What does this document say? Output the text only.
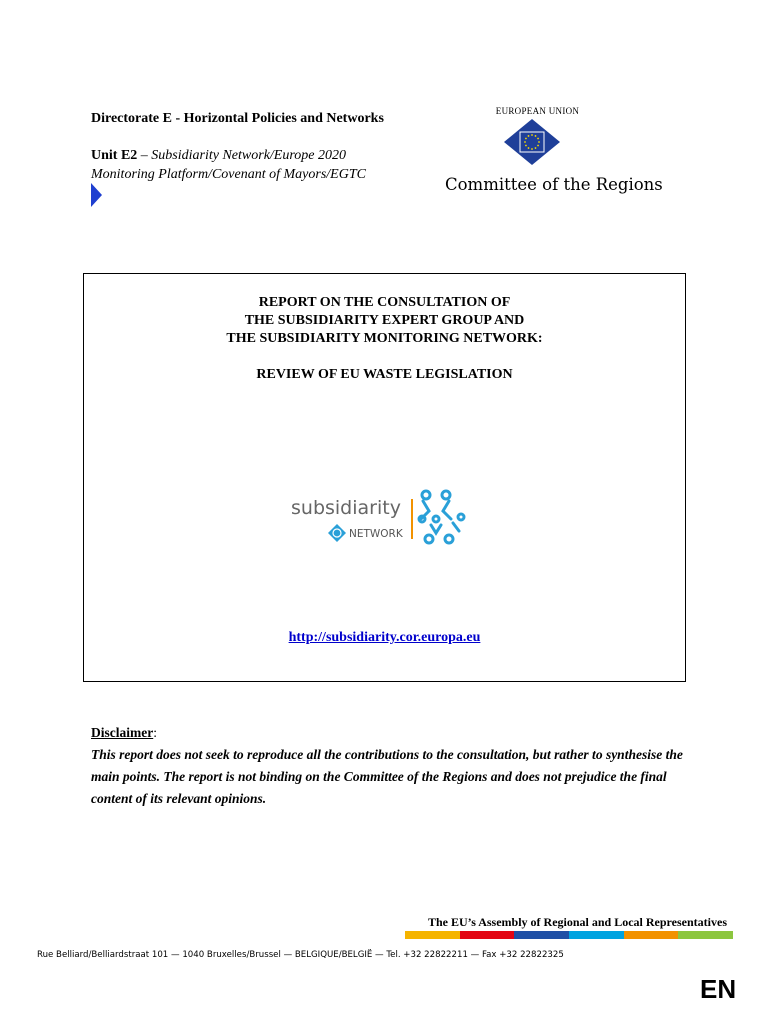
Directorate E - Horizontal Policies and Networks
Unit E2 – Subsidiarity Network/Europe 2020
Monitoring Platform/Covenant of Mayors/EGTC
EUROPEAN UNION
Committee of the Regions
REPORT ON THE CONSULTATION OF
THE SUBSIDIARITY EXPERT GROUP AND
THE SUBSIDIARITY MONITORING NETWORK:
REVIEW OF EU WASTE LEGISLATION
subsidiarity
NETWORK
http://subsidiarity.cor.europa.eu
Disclaimer:
This report does not seek to reproduce all the contributions to the consultation, but rather to synthesise the main points. The report is not binding on the Committee of the Regions and does not prejudice the final content of its relevant opinions.
The EU’s Assembly of Regional and Local Representatives
Rue Belliard/Belliardstraat 101 — 1040 Bruxelles/Brussel — BELGIQUE/BELGIË — Tel. +32 22822211 — Fax +32 22822325
EN
